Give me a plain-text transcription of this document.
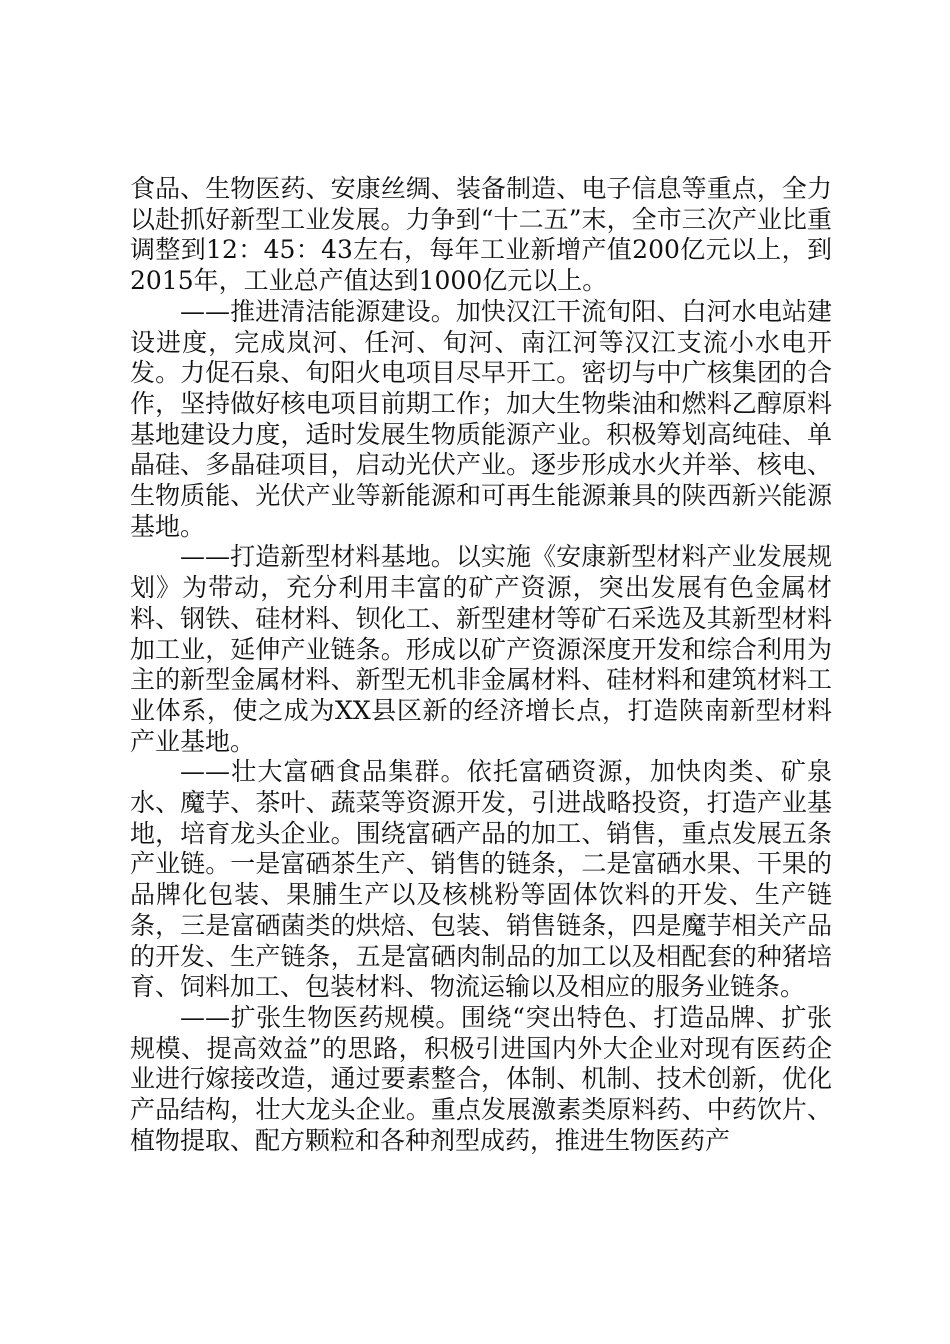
食品、生物医药、安康丝绸、装备制造、电子信息等重点，全力以赴抓好新型工业发展。力争到“十二五”末，全市三次产业比重调整到12：45：43左右，每年工业新增产值200亿元以上，到2015年，工业总产值达到1000亿元以上。

——推进清洁能源建设。加快汉江干流旬阳、白河水电站建设进度，完成岚河、任河、旬河、南江河等汉江支流小水电开发。力促石泉、旬阳火电项目尽早开工。密切与中广核集团的合作，坚持做好核电项目前期工作；加大生物柴油和燃料乙醇原料基地建设力度，适时发展生物质能源产业。积极筹划高纯硅、单晶硅、多晶硅项目，启动光伏产业。逐步形成水火并举、核电、生物质能、光伏产业等新能源和可再生能源兼具的陕西新兴能源基地。

——打造新型材料基地。以实施《安康新型材料产业发展规划》为带动，充分利用丰富的矿产资源，突出发展有色金属材料、钢铁、硅材料、钡化工、新型建材等矿石采选及其新型材料加工业，延伸产业链条。形成以矿产资源深度开发和综合利用为主的新型金属材料、新型无机非金属材料、硅材料和建筑材料工业体系，使之成为XX县区新的经济增长点，打造陕南新型材料产业基地。

——壮大富硒食品集群。依托富硒资源，加快肉类、矿泉水、魔芋、茶叶、蔬菜等资源开发，引进战略投资，打造产业基地，培育龙头企业。围绕富硒产品的加工、销售，重点发展五条产业链。一是富硒茶生产、销售的链条，二是富硒水果、干果的品牌化包装、果脯生产以及核桃粉等固体饮料的开发、生产链条，三是富硒菌类的烘焙、包装、销售链条，四是魔芋相关产品的开发、生产链条，五是富硒肉制品的加工以及相配套的种猪培育、饲料加工、包装材料、物流运输以及相应的服务业链条。

——扩张生物医药规模。围绕“突出特色、打造品牌、扩张规模、提高效益”的思路，积极引进国内外大企业对现有医药企业进行嫁接改造，通过要素整合，体制、机制、技术创新，优化产品结构，壮大龙头企业。重点发展激素类原料药、中药饮片、植物提取、配方颗粒和各种剂型成药，推进生物医药产
